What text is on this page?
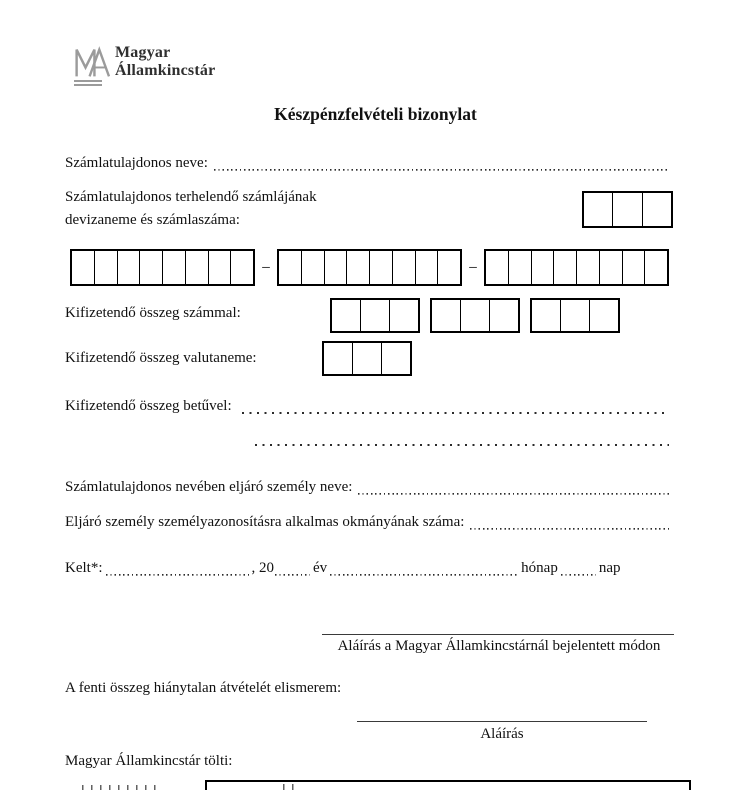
Magyar
Államkincstár
Készpénzfelvételi bizonylat
Számlatulajdonos neve:
Számlatulajdonos terhelendő számlájának
devizaneme és számlaszáma:
–	–
Kifizetendő összeg számmal:
Kifizetendő összeg valutaneme:
Kifizetendő összeg betűvel:
Számlatulajdonos nevében eljáró személy neve:
Eljáró személy személyazonosításra alkalmas okmányának száma:
Kelt*:	, 20	év	hónap	nap
Aláírás a Magyar Államkincstárnál bejelentett módon
A fenti összeg hiánytalan átvételét elismerem:
Aláírás
Magyar Államkincstár tölti:
